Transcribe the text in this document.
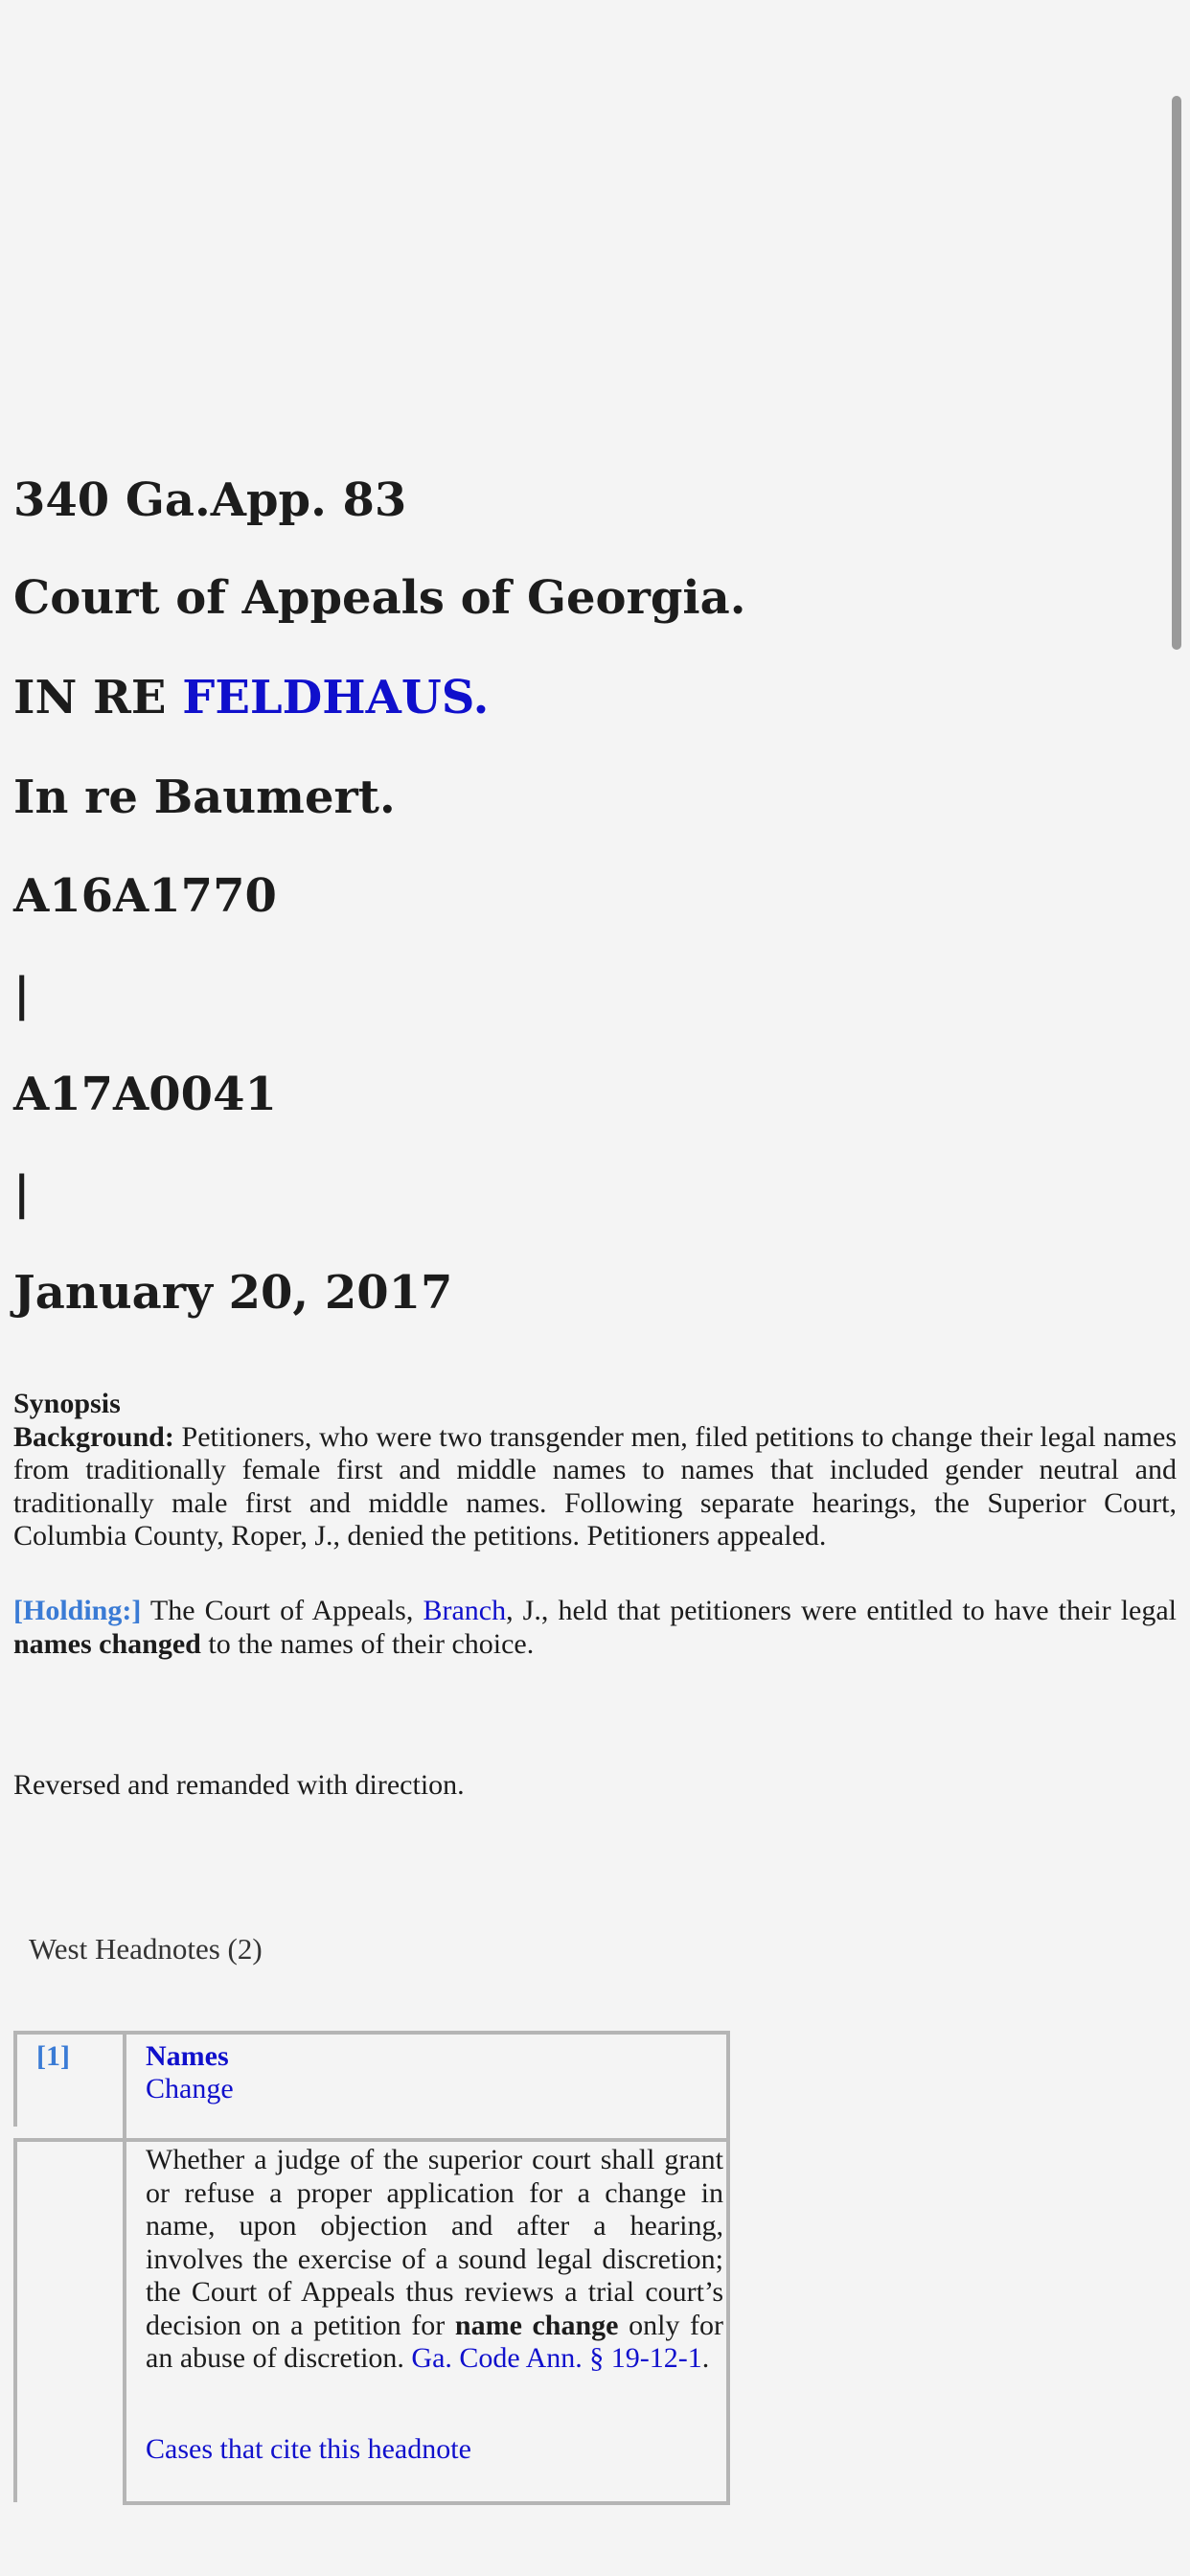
340 Ga.App. 83
Court of Appeals of Georgia.
IN RE FELDHAUS.
In re Baumert.
A16A1770
|
A17A0041
|
January 20, 2017
Synopsis
Background: Petitioners, who were two transgender men, filed petitions to change their legal names from traditionally female first and middle names to names that included gender neutral and traditionally male first and middle names. Following separate hearings, the Superior Court, Columbia County, Roper, J., denied the petitions. Petitioners appealed.
[Holding:] The Court of Appeals, Branch, J., held that petitioners were entitled to have their legal names changed to the names of their choice.
Reversed and remanded with direction.
West Headnotes (2)
[1]	Names
Change

Whether a judge of the superior court shall grant or refuse a proper application for a change in name, upon objection and after a hearing, involves the exercise of a sound legal discretion; the Court of Appeals thus reviews a trial court’s decision on a petition for name change only for an abuse of discretion. Ga. Code Ann. § 19-12-1.

Cases that cite this headnote
